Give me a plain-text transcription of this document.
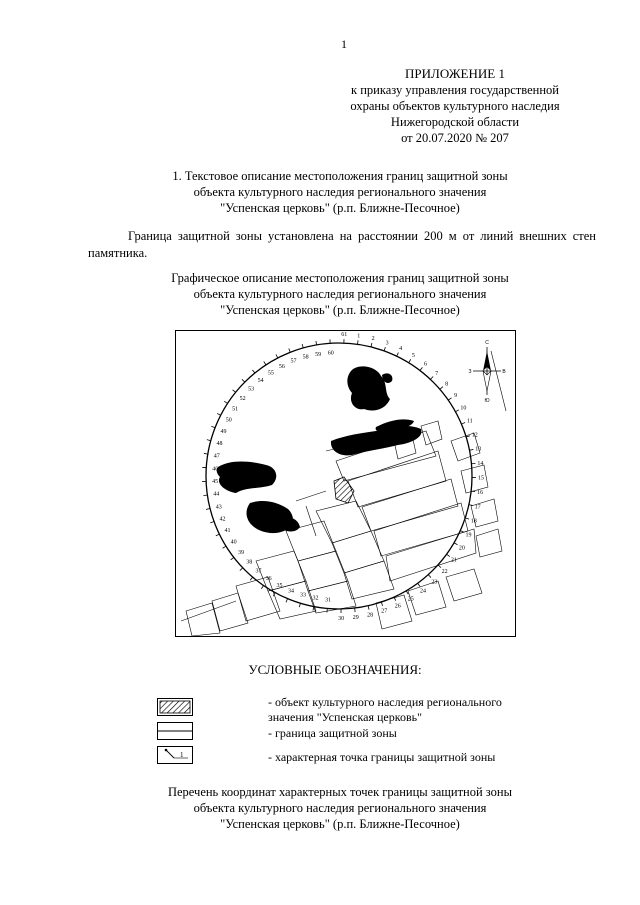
1
ПРИЛОЖЕНИЕ 1
к приказу управления государственной
охраны объектов культурного наследия
Нижегородской области
от 20.07.2020 № 207
1. Текстовое описание местоположения границ защитной зоны
объекта культурного наследия регионального значения
"Успенская церковь" (р.п. Ближне-Песочное)
Граница защитной зоны установлена на расстоянии 200 м от линий внешних стен памятника.
Графическое описание местоположения границ защитной зоны
объекта культурного наследия регионального значения
"Успенская церковь" (р.п. Ближне-Песочное)
1 2
3
4
5
6
7
8
9
10
11
12
13
14
15
16
17
18
19
20
21
22
23
24
25
26
27
28
29
30
31
32
33
34
35
36
37
38
39
40
41
42
43
44
45
46
47
48
49
50
51
52
53
54
55
56
57
58 59 60
61
С
В
Ю
З
УСЛОВНЫЕ ОБОЗНАЧЕНИЯ:
- объект культурного наследия регионального
значения "Успенская церковь"
- граница защитной зоны
1	- характерная точка границы защитной зоны
Перечень координат характерных точек границы защитной зоны
объекта культурного наследия регионального значения
"Успенская церковь" (р.п. Ближне-Песочное)
